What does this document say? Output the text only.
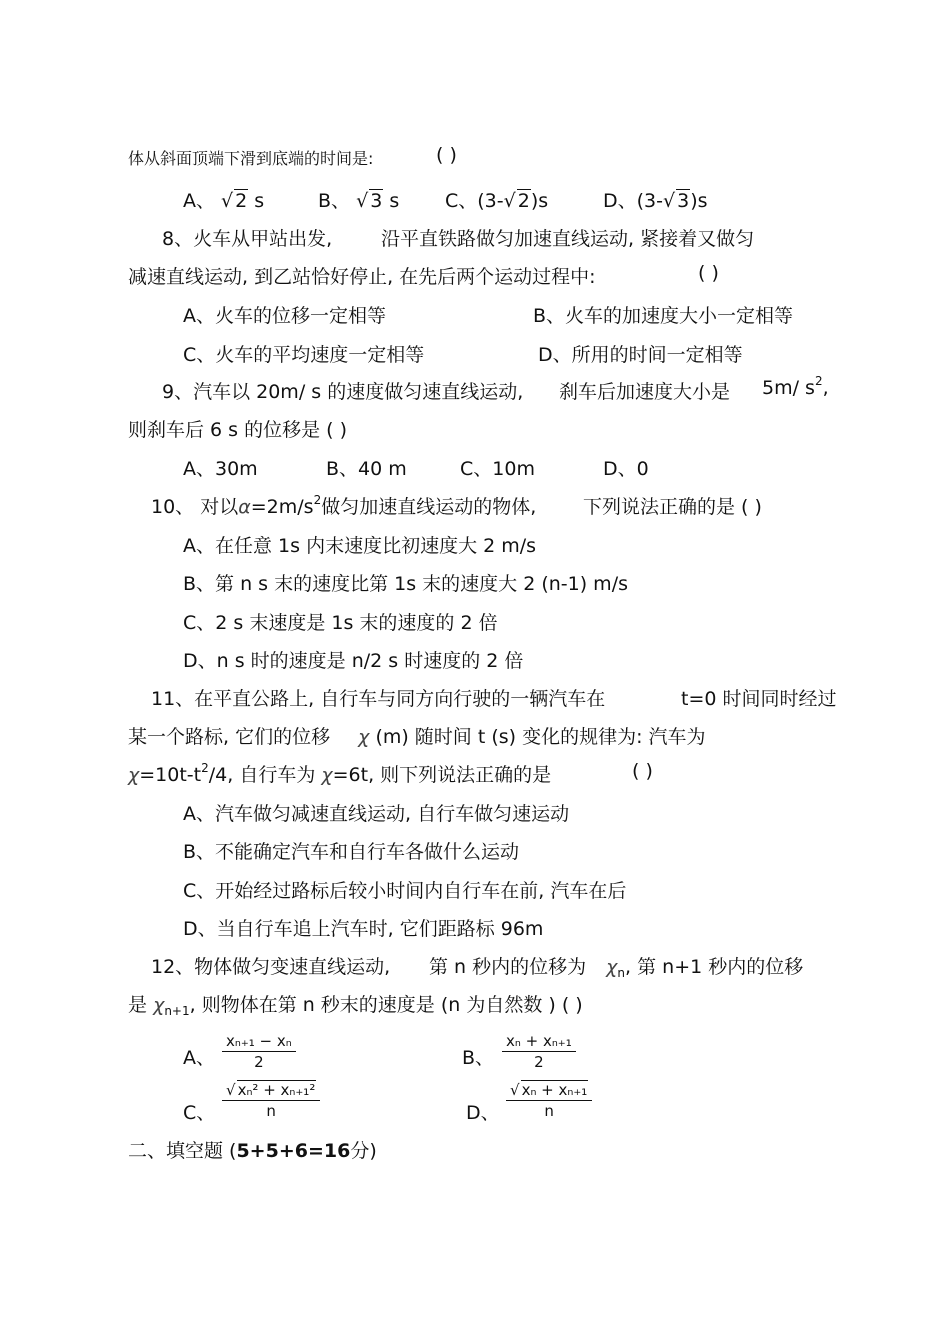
体从斜面顶端下滑到底端的时间是:	( )
A、 √ 2 s	B、 √ 3 s C、(3-√ 2)s	D、(3-√ 3)s
8、火车从甲站出发,	沿平直铁路做匀加速直线运动, 紧接着又做匀
减速直线运动, 到乙站恰好停止, 在先后两个运动过程中:	( )
A、火车的位移一定相等	B、火车的加速度大小一定相等
C、火车的平均速度一定相等	D、所用的时间一定相等
9、汽车以 20m/ s 的速度做匀速直线运动, 刹车后加速度大小是 5m/ $s^2$,
则刹车后 6 s 的位移是 ( )
A、30m	B、40 m	C、10m	D、0
10、 对以$\alpha=2m/s^2$做匀加速直线运动的物体, 下列说法正确的是 ( )
A、在任意 1s 内末速度比初速度大 2 m/s
B、第 n s 末的速度比第 1s 末的速度大 2 (n-1) m/s
C、2 s 末速度是 1s 末的速度的 2 倍
D、n s 时的速度是 n/2 s 时速度的 2 倍
11、在平直公路上, 自行车与同方向行驶的一辆汽车在	t=0 时间同时经过
某一个路标, 它们的位移 χ (m) 随时间 t (s) 变化的规律为: 汽车为
$\chi=10t-t^2/4$, 自行车为 χ=6t, 则下列说法正确的是	( )
A、汽车做匀减速直线运动, 自行车做匀速运动
B、不能确定汽车和自行车各做什么运动
C、开始经过路标后较小时间内自行车在前, 汽车在后
D、当自行车追上汽车时, 它们距路标 96m
12、物体做匀变速直线运动, 第 n 秒内的位移为 $\chi_n$, 第 n+1 秒内的位移
是 $\chi_{n+1}$, 则物体在第 n 秒末的速度是 (n 为自然数 ) ( )
A、 $\frac{\text{xₙ₊₁ − xₙ}}{2}$	B、 $\frac{\text{xₙ + xₙ₊₁}}{2}$
C、 $\frac{\text{√ xₙ² + xₙ₊₁²}}{n}$	D、 $\frac{\text{√ xₙ + xₙ₊₁}}{n}$
二、填空题 (5+5+6=16分)
